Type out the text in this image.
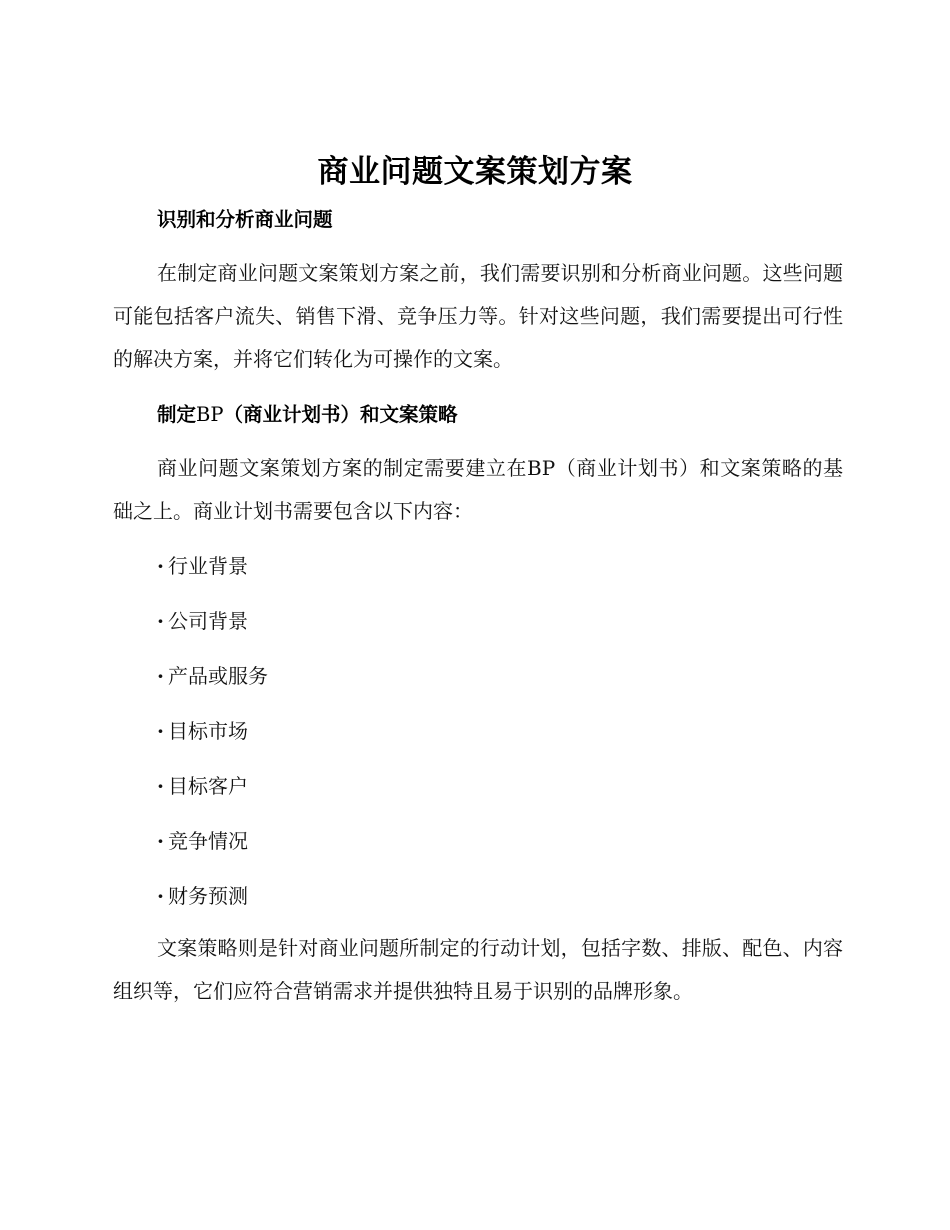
商业问题文案策划方案
识别和分析商业问题

在制定商业问题文案策划方案之前，我们需要识别和分析商业问题。这些问题可能包括客户流失、销售下滑、竞争压力等。针对这些问题，我们需要提出可行性的解决方案，并将它们转化为可操作的文案。

制定BP（商业计划书）和文案策略

商业问题文案策划方案的制定需要建立在BP（商业计划书）和文案策略的基础之上。商业计划书需要包含以下内容：

· 行业背景
· 公司背景
· 产品或服务
· 目标市场
· 目标客户
· 竞争情况
· 财务预测

文案策略则是针对商业问题所制定的行动计划，包括字数、排版、配色、内容组织等，它们应符合营销需求并提供独特且易于识别的品牌形象。
